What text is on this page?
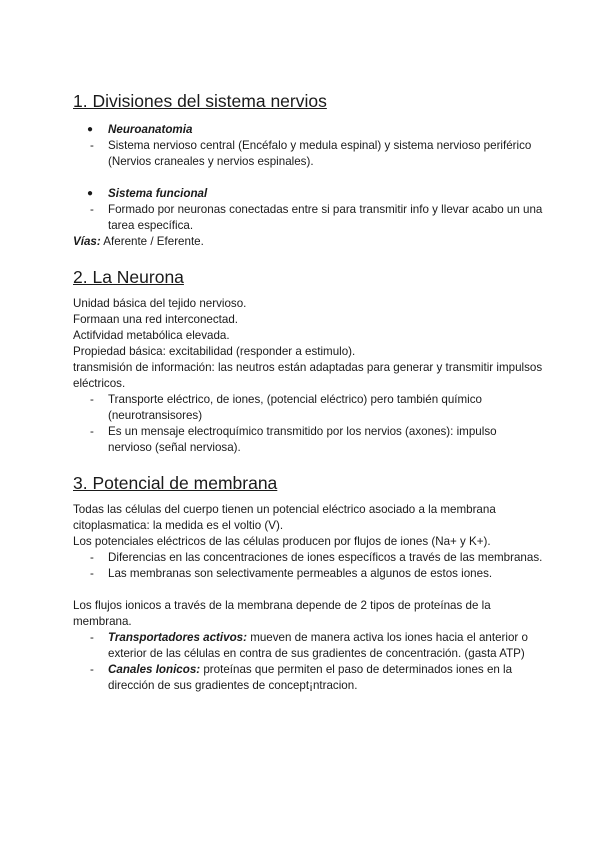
1. Divisiones del sistema nervios
● Neuroanatomia
- Sistema nervioso central (Encéfalo y medula espinal) y sistema nervioso periférico (Nervios craneales y nervios espinales).
● Sistema funcional
- Formado por neuronas conectadas entre si para transmitir info y llevar acabo un una tarea específica.
Vías: Aferente / Eferente.
2. La Neurona
Unidad básica del tejido nervioso.
Formaan una red interconectad.
Actifvidad metabólica elevada.
Propiedad básica: excitabilidad (responder a estimulo).
transmisión de información: las neutros están adaptadas para generar y transmitir impulsos eléctricos.
- Transporte eléctrico, de iones, (potencial eléctrico) pero también químico (neurotransisores)
- Es un mensaje electroquímico transmitido por los nervios (axones): impulso nervioso (señal nerviosa).
3. Potencial de membrana
Todas las células del cuerpo tienen un potencial eléctrico asociado a la membrana citoplasmatica: la medida es el voltio (V).
Los potenciales eléctricos de las células producen por flujos de iones (Na+ y K+).
- Diferencias en las concentraciones de iones específicos a través de las membranas.
- Las membranas son selectivamente permeables a algunos de estos iones.
Los flujos ionicos a través de la membrana depende de 2 tipos de proteínas de la membrana.
- Transportadores activos: mueven de manera activa los iones hacia el anterior o exterior de las células en contra de sus gradientes de concentración. (gasta ATP)
- Canales Ionicos: proteínas que permiten el paso de determinados iones en la dirección de sus gradientes de concept¡ntracion.
